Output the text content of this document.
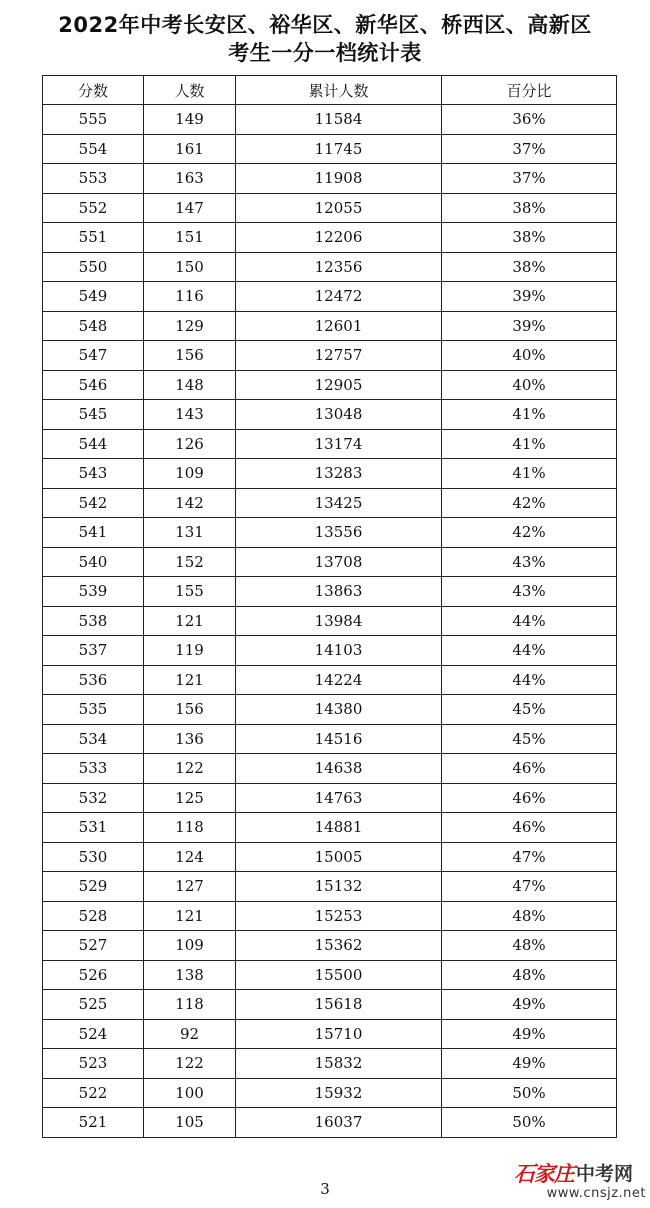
2022年中考长安区、裕华区、新华区、桥西区、高新区
考生一分一档统计表
分数	人数	累计人数	百分比
555	149	11584	36%
554	161	11745	37%
553	163	11908	37%
552	147	12055	38%
551	151	12206	38%
550	150	12356	38%
549	116	12472	39%
548	129	12601	39%
547	156	12757	40%
546	148	12905	40%
545	143	13048	41%
544	126	13174	41%
543	109	13283	41%
542	142	13425	42%
541	131	13556	42%
540	152	13708	43%
539	155	13863	43%
538	121	13984	44%
537	119	14103	44%
536	121	14224	44%
535	156	14380	45%
534	136	14516	45%
533	122	14638	46%
532	125	14763	46%
531	118	14881	46%
530	124	15005	47%
529	127	15132	47%
528	121	15253	48%
527	109	15362	48%
526	138	15500	48%
525	118	15618	49%
524	92	15710	49%
523	122	15832	49%
522	100	15932	50%
521	105	16037	50%
3
石家庄 中考网
www.cnsjz.net
